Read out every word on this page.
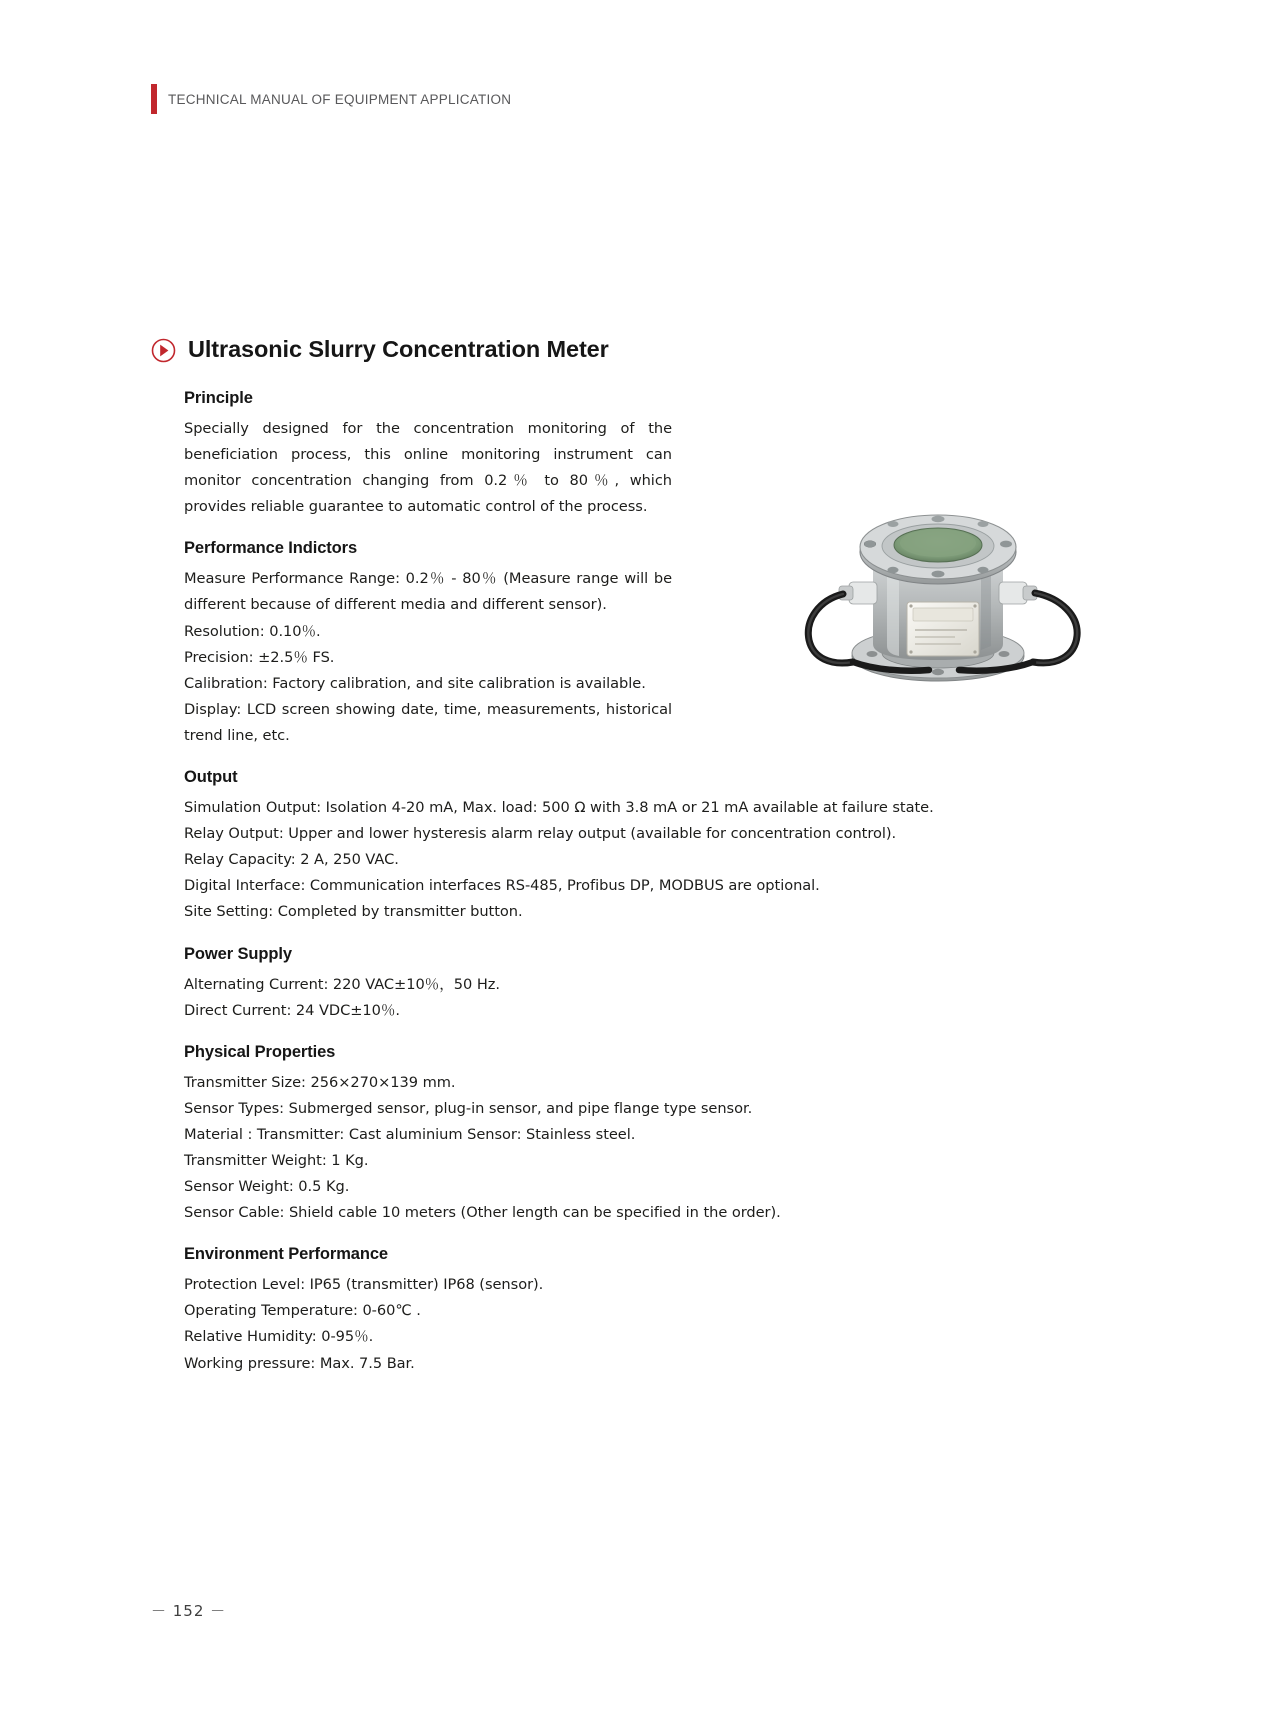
TECHNICAL MANUAL OF EQUIPMENT APPLICATION
Ultrasonic Slurry Concentration Meter
Principle

Specially designed for the concentration monitoring of the beneficiation process, this online monitoring instrument can monitor concentration changing from 0.2％ to 80％, which provides reliable guarantee to automatic control of the process.

Performance Indictors

Measure Performance Range: 0.2％ - 80％ (Measure range will be different because of different media and different sensor).

Resolution: 0.10％.

Precision: ±2.5％ FS.

Calibration: Factory calibration, and site calibration is available.

Display: LCD screen showing date, time, measurements, historical trend line, etc.

Output

Simulation Output: Isolation 4-20 mA, Max. load: 500 Ω with 3.8 mA or 21 mA available at failure state.

Relay Output: Upper and lower hysteresis alarm relay output (available for concentration control).

Relay Capacity: 2 A, 250 VAC.

Digital Interface: Communication interfaces RS-485, Profibus DP, MODBUS are optional.

Site Setting: Completed by transmitter button.

Power Supply

Alternating Current: 220 VAC±10％，50 Hz.

Direct Current: 24 VDC±10％.

Physical Properties

Transmitter Size: 256×270×139 mm.

Sensor Types: Submerged sensor, plug-in sensor, and pipe flange type sensor.

Material : Transmitter: Cast aluminium Sensor: Stainless steel.

Transmitter Weight: 1 Kg.

Sensor Weight: 0.5 Kg.

Sensor Cable: Shield cable 10 meters (Other length can be specified in the order).

Environment Performance

Protection Level: IP65 (transmitter) IP68 (sensor).

Operating Temperature: 0-60℃ .

Relative Humidity: 0-95％.

Working pressure: Max. 7.5 Bar.

－ 152 －
